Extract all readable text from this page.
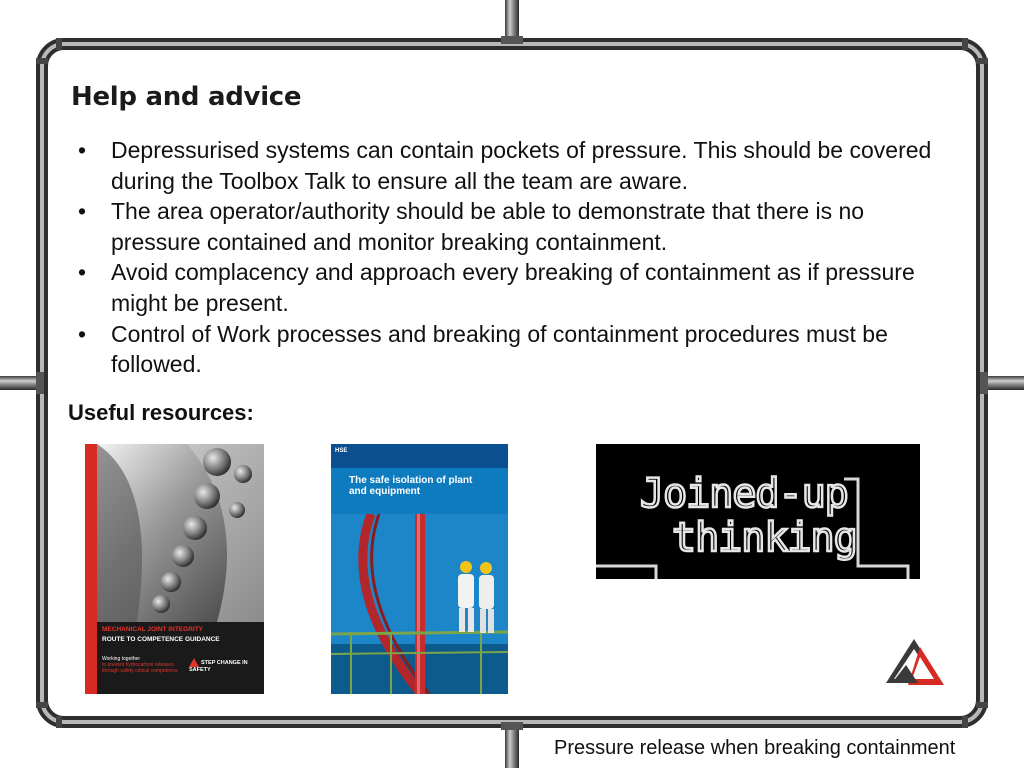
Help and advice
•	Depressurised systems can contain pockets of pressure. This should be covered during the Toolbox Talk to ensure all the team are aware.
•	The area operator/authority should be able to demonstrate that there is no pressure contained and monitor breaking containment.
•	Avoid complacency and approach every breaking of containment as if pressure might be present.
•	Control of Work processes and breaking of containment procedures must be followed.
Useful resources:
MECHANICAL JOINT INTEGRITY
ROUTE TO COMPETENCE GUIDANCE
Working together
to prevent hydrocarbon releases through safety critical competence
STEP CHANGE IN SAFETY
HSE
The safe isolation of plant and equipment	Joined-up
thinking
Pressure release when breaking containment
